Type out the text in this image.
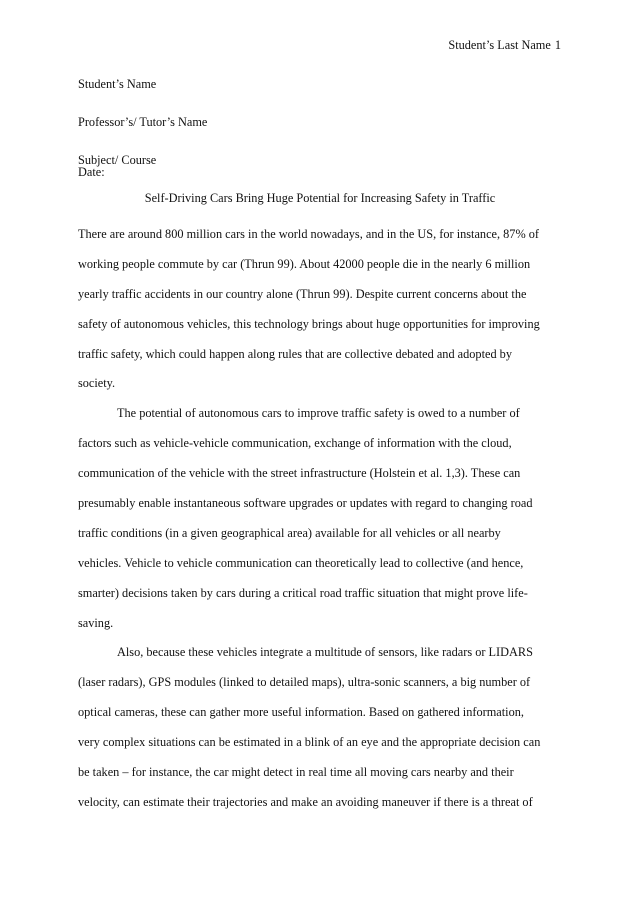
Student’s Last Name 1
Student’s Name
Professor’s/ Tutor’s Name
Subject/ Course
Date:
Self-Driving Cars Bring Huge Potential for Increasing Safety in Traffic
There are around 800 million cars in the world nowadays, and in the US, for instance, 87% of
working people commute by car (Thrun 99). About 42000 people die in the nearly 6 million
yearly traffic accidents in our country alone (Thrun 99). Despite current concerns about the
safety of autonomous vehicles, this technology brings about huge opportunities for improving
traffic safety, which could happen along rules that are collective debated and adopted by
society.
The potential of autonomous cars to improve traffic safety is owed to a number of
factors such as vehicle-vehicle communication, exchange of information with the cloud,
communication of the vehicle with the street infrastructure (Holstein et al. 1,3). These can
presumably enable instantaneous software upgrades or updates with regard to changing road
traffic conditions (in a given geographical area) available for all vehicles or all nearby
vehicles. Vehicle to vehicle communication can theoretically lead to collective (and hence,
smarter) decisions taken by cars during a critical road traffic situation that might prove life-
saving.
Also, because these vehicles integrate a multitude of sensors, like radars or LIDARS
(laser radars), GPS modules (linked to detailed maps), ultra-sonic scanners, a big number of
optical cameras, these can gather more useful information. Based on gathered information,
very complex situations can be estimated in a blink of an eye and the appropriate decision can
be taken – for instance, the car might detect in real time all moving cars nearby and their
velocity, can estimate their trajectories and make an avoiding maneuver if there is a threat of
